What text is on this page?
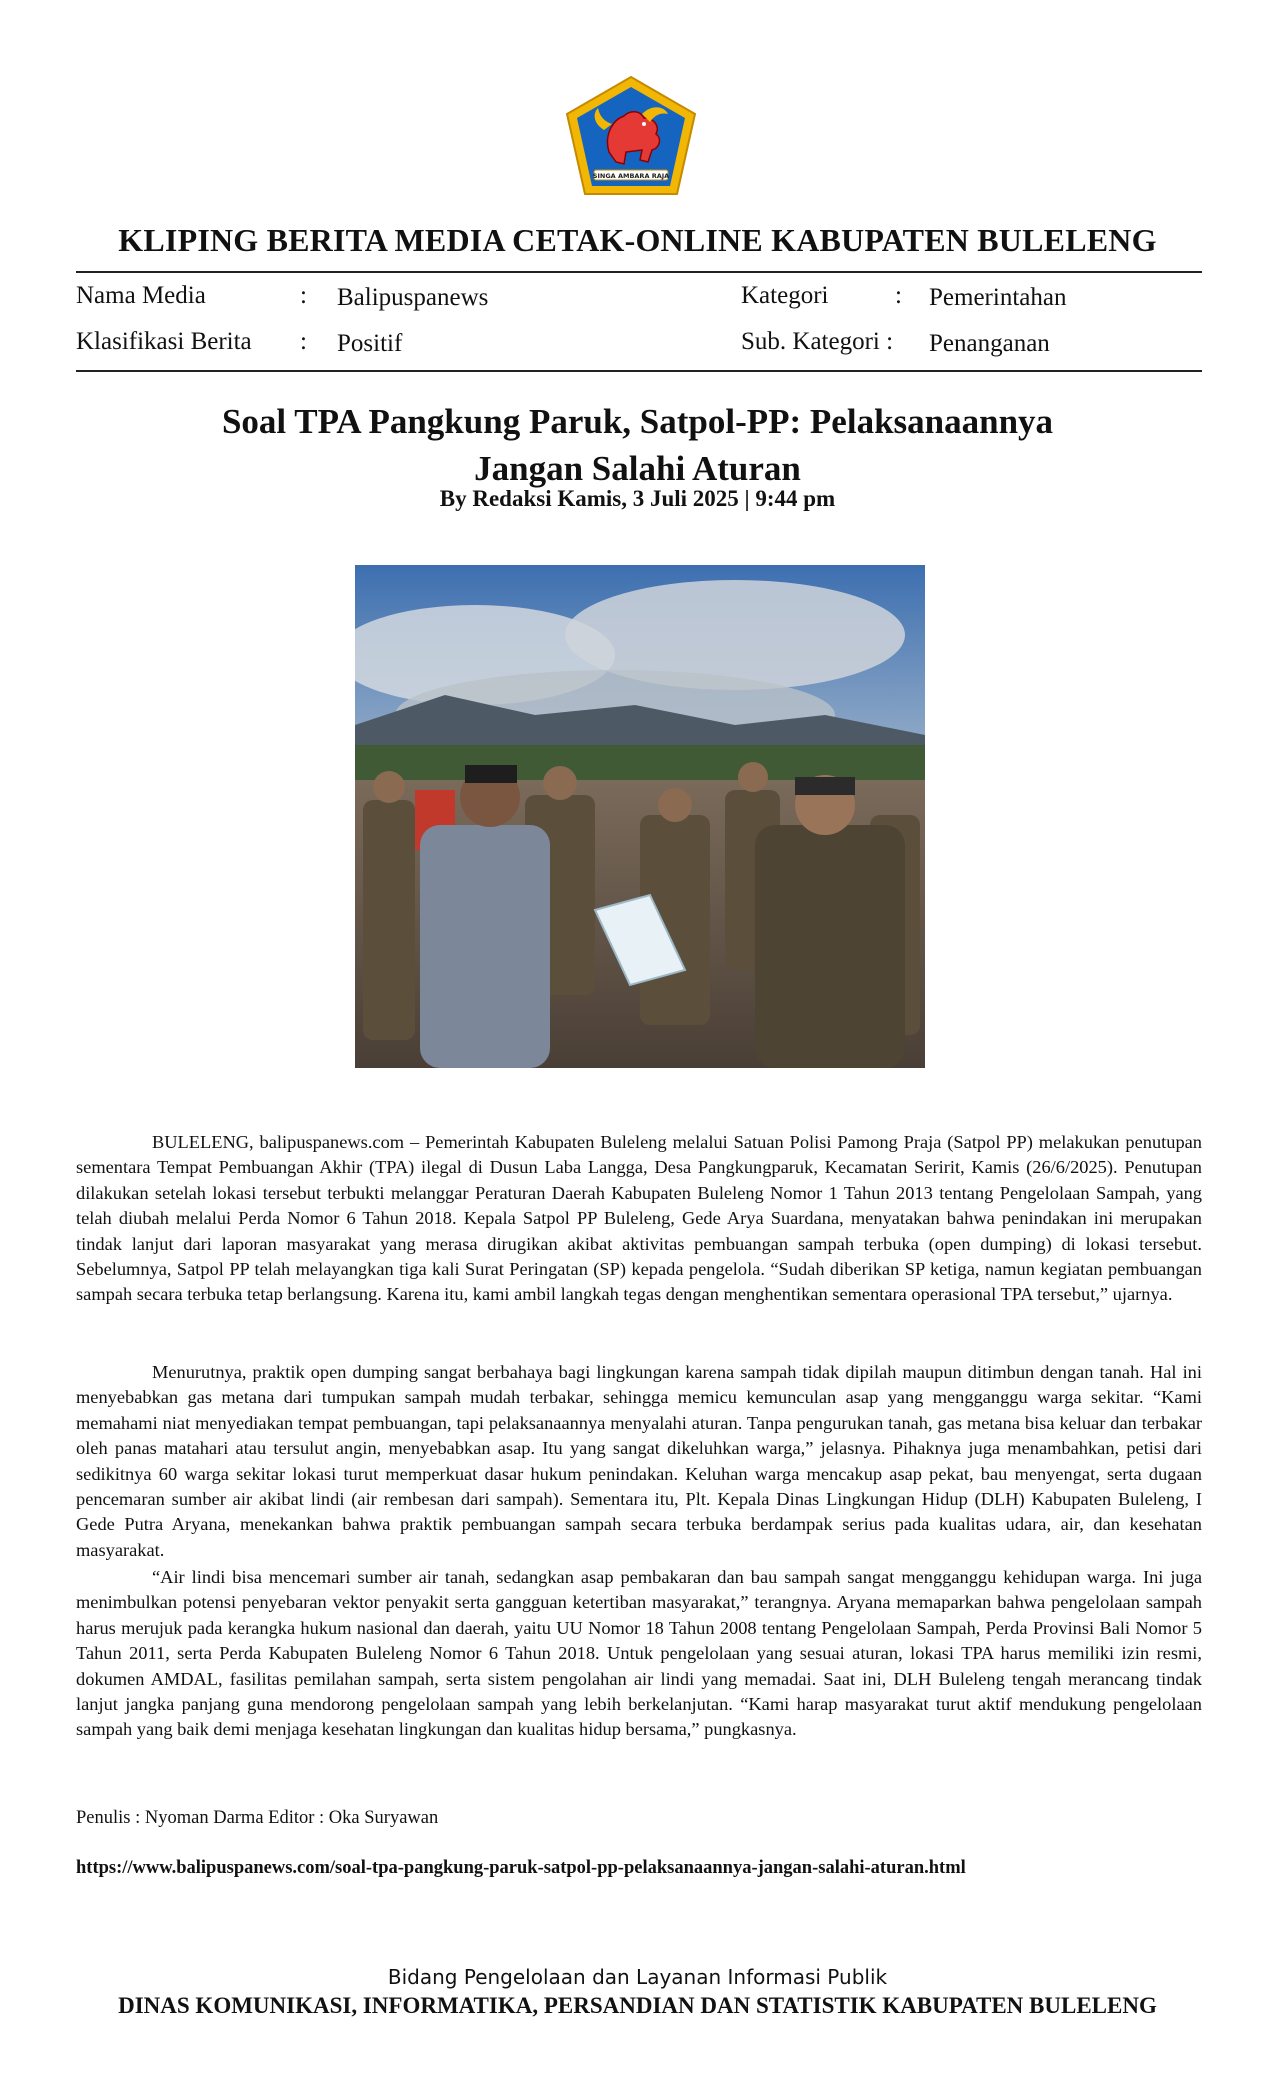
SINGA AMBARA RAJA
KLIPING BERITA MEDIA CETAK-ONLINE KABUPATEN BULELENG
Nama Media	: Balipuspanews
Klasifikasi Berita : Positif
Kategori	: Pemerintahan
Sub. Kategori : Penanganan
Soal TPA Pangkung Paruk, Satpol-PP: Pelaksanaannya
Jangan Salahi Aturan
By Redaksi Kamis, 3 Juli 2025 | 9:44 pm

BULELENG, balipuspanews.com – Pemerintah Kabupaten Buleleng melalui Satuan Polisi Pamong Praja (Satpol PP) melakukan penutupan sementara Tempat Pembuangan Akhir (TPA) ilegal di Dusun Laba Langga, Desa Pangkungparuk, Kecamatan Seririt, Kamis (26/6/2025). Penutupan dilakukan setelah lokasi tersebut terbukti melanggar Peraturan Daerah Kabupaten Buleleng Nomor 1 Tahun 2013 tentang Pengelolaan Sampah, yang telah diubah melalui Perda Nomor 6 Tahun 2018. Kepala Satpol PP Buleleng, Gede Arya Suardana, menyatakan bahwa penindakan ini merupakan tindak lanjut dari laporan masyarakat yang merasa dirugikan akibat aktivitas pembuangan sampah terbuka (open dumping) di lokasi tersebut. Sebelumnya, Satpol PP telah melayangkan tiga kali Surat Peringatan (SP) kepada pengelola. “Sudah diberikan SP ketiga, namun kegiatan pembuangan sampah secara terbuka tetap berlangsung. Karena itu, kami ambil langkah tegas dengan menghentikan sementara operasional TPA tersebut,” ujarnya.

Menurutnya, praktik open dumping sangat berbahaya bagi lingkungan karena sampah tidak dipilah maupun ditimbun dengan tanah. Hal ini menyebabkan gas metana dari tumpukan sampah mudah terbakar, sehingga memicu kemunculan asap yang mengganggu warga sekitar. “Kami memahami niat menyediakan tempat pembuangan, tapi pelaksanaannya menyalahi aturan. Tanpa pengurukan tanah, gas metana bisa keluar dan terbakar oleh panas matahari atau tersulut angin, menyebabkan asap. Itu yang sangat dikeluhkan warga,” jelasnya. Pihaknya juga menambahkan, petisi dari sedikitnya 60 warga sekitar lokasi turut memperkuat dasar hukum penindakan. Keluhan warga mencakup asap pekat, bau menyengat, serta dugaan pencemaran sumber air akibat lindi (air rembesan dari sampah). Sementara itu, Plt. Kepala Dinas Lingkungan Hidup (DLH) Kabupaten Buleleng, I Gede Putra Aryana, menekankan bahwa praktik pembuangan sampah secara terbuka berdampak serius pada kualitas udara, air, dan kesehatan masyarakat.

“Air lindi bisa mencemari sumber air tanah, sedangkan asap pembakaran dan bau sampah sangat mengganggu kehidupan warga. Ini juga menimbulkan potensi penyebaran vektor penyakit serta gangguan ketertiban masyarakat,” terangnya. Aryana memaparkan bahwa pengelolaan sampah harus merujuk pada kerangka hukum nasional dan daerah, yaitu UU Nomor 18 Tahun 2008 tentang Pengelolaan Sampah, Perda Provinsi Bali Nomor 5 Tahun 2011, serta Perda Kabupaten Buleleng Nomor 6 Tahun 2018. Untuk pengelolaan yang sesuai aturan, lokasi TPA harus memiliki izin resmi, dokumen AMDAL, fasilitas pemilahan sampah, serta sistem pengolahan air lindi yang memadai. Saat ini, DLH Buleleng tengah merancang tindak lanjut jangka panjang guna mendorong pengelolaan sampah yang lebih berkelanjutan. “Kami harap masyarakat turut aktif mendukung pengelolaan sampah yang baik demi menjaga kesehatan lingkungan dan kualitas hidup bersama,” pungkasnya.

Penulis : Nyoman Darma Editor : Oka Suryawan
https://www.balipuspanews.com/soal-tpa-pangkung-paruk-satpol-pp-pelaksanaannya-jangan-salahi-aturan.html
Bidang Pengelolaan dan Layanan Informasi Publik
DINAS KOMUNIKASI, INFORMATIKA, PERSANDIAN DAN STATISTIK KABUPATEN BULELENG
